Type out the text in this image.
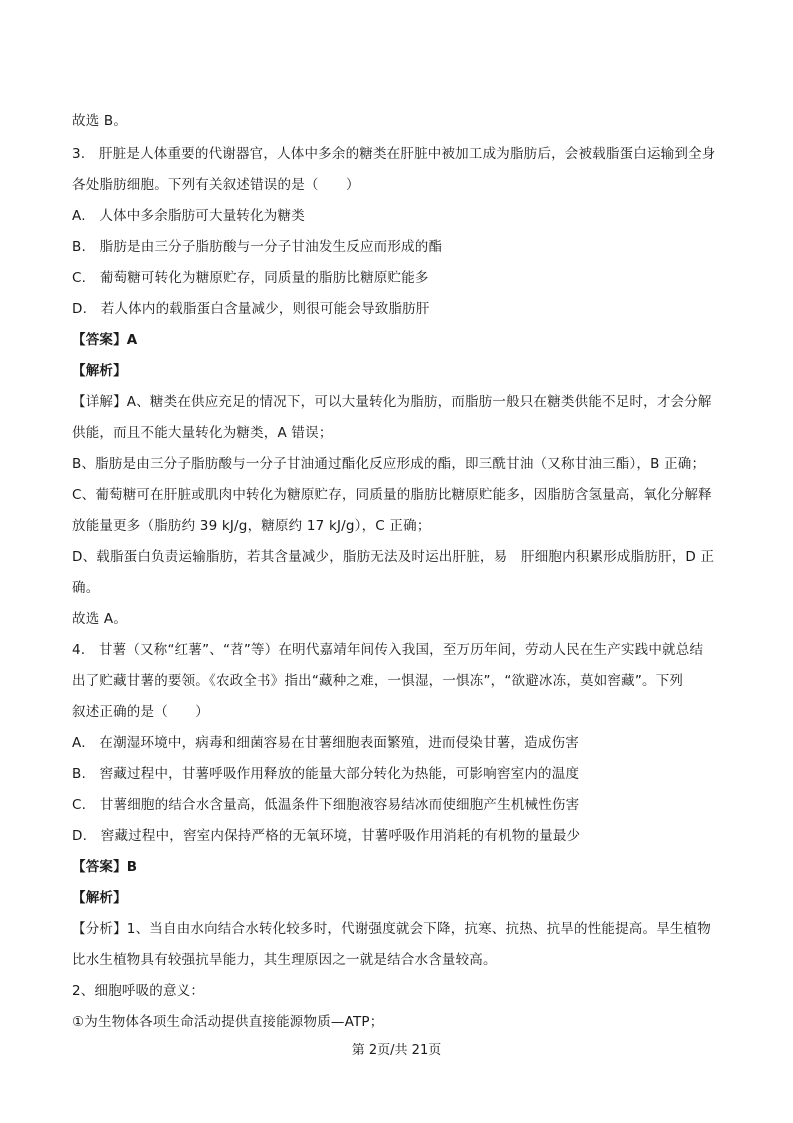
故选 B。
3.　肝脏是人体重要的代谢器官，人体中多余的糖类在肝脏中被加工成为脂肪后，会被载脂蛋白运输到全身
各处脂肪细胞。下列有关叙述错误的是（　　）
A.　人体中多余脂肪可大量转化为糖类
B.　脂肪是由三分子脂肪酸与一分子甘油发生反应而形成的酯
C.　葡萄糖可转化为糖原贮存，同质量的脂肪比糖原贮能多
D.　若人体内的载脂蛋白含量减少，则很可能会导致脂肪肝
【答案】A
【解析】
【详解】A、糖类在供应充足的情况下，可以大量转化为脂肪，而脂肪一般只在糖类供能不足时，才会分解
供能，而且不能大量转化为糖类，A 错误；
B、脂肪是由三分子脂肪酸与一分子甘油通过酯化反应形成的酯，即三酰甘油（又称甘油三酯），B 正确；
C、葡萄糖可在肝脏或肌肉中转化为糖原贮存，同质量的脂肪比糖原贮能多，因脂肪含氢量高，氧化分解释
放能量更多（脂肪约 39 kJ/g，糖原约 17 kJ/g），C 正确；
D、载脂蛋白负责运输脂肪，若其含量减少，脂肪无法及时运出肝脏，易　肝细胞内积累形成脂肪肝，D 正
确。
故选 A。
4.　甘薯（又称“红薯”、“苕”等）在明代嘉靖年间传入我国，至万历年间，劳动人民在生产实践中就总结
出了贮藏甘薯的要领。《农政全书》指出“藏种之难，一惧湿，一惧冻”，“欲避冰冻，莫如窖藏”。下列
叙述正确的是（　　）
A.　在潮湿环境中，病毒和细菌容易在甘薯细胞表面繁殖，进而侵染甘薯，造成伤害
B.　窖藏过程中，甘薯呼吸作用释放的能量大部分转化为热能，可影响窖室内的温度
C.　甘薯细胞的结合水含量高，低温条件下细胞液容易结冰而使细胞产生机械性伤害
D.　窖藏过程中，窖室内保持严格的无氧环境，甘薯呼吸作用消耗的有机物的量最少
【答案】B
【解析】
【分析】1、当自由水向结合水转化较多时，代谢强度就会下降，抗寒、抗热、抗旱的性能提高。旱生植物
比水生植物具有较强抗旱能力，其生理原因之一就是结合水含量较高。
2、细胞呼吸的意义：
①为生物体各项生命活动提供直接能源物质—ATP；
第 2页/共 21页
